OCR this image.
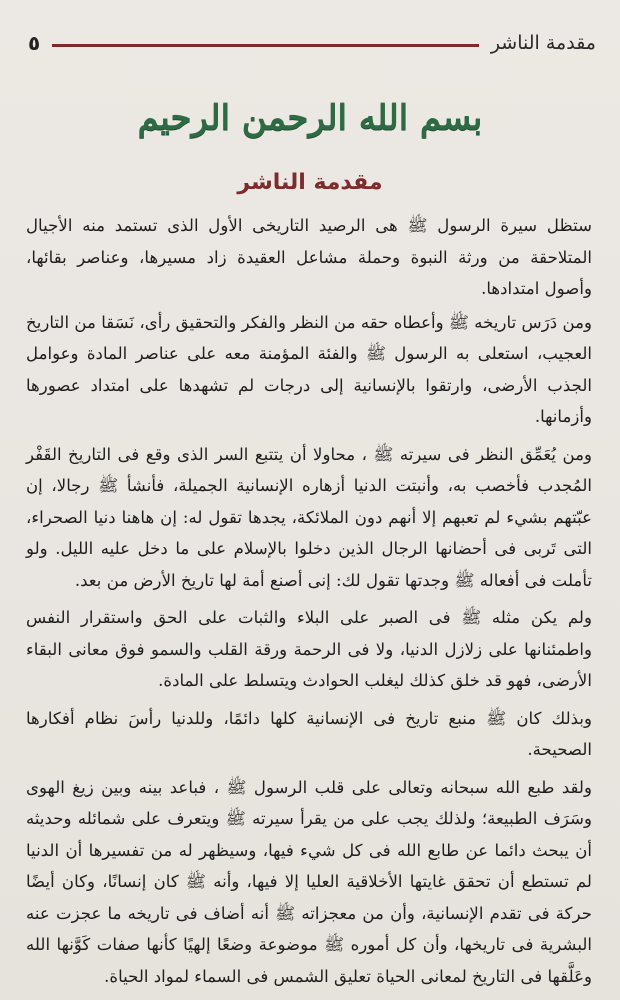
مقدمة الناشر
٥
بسم الله الرحمن الرحيم
مقدمة الناشر

ستظل سيرة الرسول ﷺ هى الرصيد التاريخى الأول الذى تستمد منه الأجيال المتلاحقة من ورثة النبوة وحملة مشاعل العقيدة زاد مسيرها، وعناصر بقائها، وأصول امتدادها.

ومن دَرَس تاريخه ﷺ وأعطاه حقه من النظر والفكر والتحقيق رأى، نَسَقا من التاريخ العجيب، استعلى به الرسول ﷺ والفئة المؤمنة معه على عناصر المادة وعوامل الجذب الأرضى، وارتقوا بالإنسانية إلى درجات لم تشهدها على امتداد عصورها وأزمانها.

ومن يُعَمِّق النظر فى سيرته ﷺ ، محاولا أن يتتبع السر الذى وقع فى التاريخ القَفْر المُجدب فأخصب به، وأنبتت الدنيا أزهاره الإنسانية الجميلة، فأنشأ ﷺ رجالا، إن عبّتهم بشيء لم تعبهم إلا أنهم دون الملائكة، يجدها تقول له: إن هاهنا دنيا الصحراء، التى تَربى فى أحضانها الرجال الذين دخلوا بالإسلام على ما دخل عليه الليل. ولو تأملت فى أفعاله ﷺ وجدتها تقول لك: إنى أصنع أمة لها تاريخ الأرض من بعد.

ولم يكن مثله ﷺ فى الصبر على البلاء والثبات على الحق واستقرار النفس واطمئنانها على زلازل الدنيا، ولا فى الرحمة ورقة القلب والسمو فوق معانى البقاء الأرضى، فهو قد خلق كذلك ليغلب الحوادث ويتسلط على المادة.

وبذلك كان ﷺ منبع تاريخ فى الإنسانية كلها دائمًا، وللدنيا رأسَ نظام أفكارها الصحيحة.

ولقد طبع الله سبحانه وتعالى على قلب الرسول ﷺ ، فباعد بينه وبين زيغ الهوى وسَرَف الطبيعة؛ ولذلك يجب على من يقرأ سيرته ﷺ ويتعرف على شمائله وحديثه أن يبحث دائما عن طابع الله فى كل شيء فيها، وسيظهر له من تفسيرها أن الدنيا لم تستطع أن تحقق غايتها الأخلاقية العليا إلا فيها، وأنه ﷺ كان إنسانًا، وكان أيضًا حركة فى تقدم الإنسانية، وأن من معجزاته ﷺ أنه أضاف فى تاريخه ما عجزت عنه البشرية فى تاريخها، وأن كل أموره ﷺ موضوعة وضعًا إلهيًا كأنها صفات كَوَّنها الله وعَلَّقها فى التاريخ لمعانى الحياة تعليق الشمس فى السماء لمواد الحياة.
